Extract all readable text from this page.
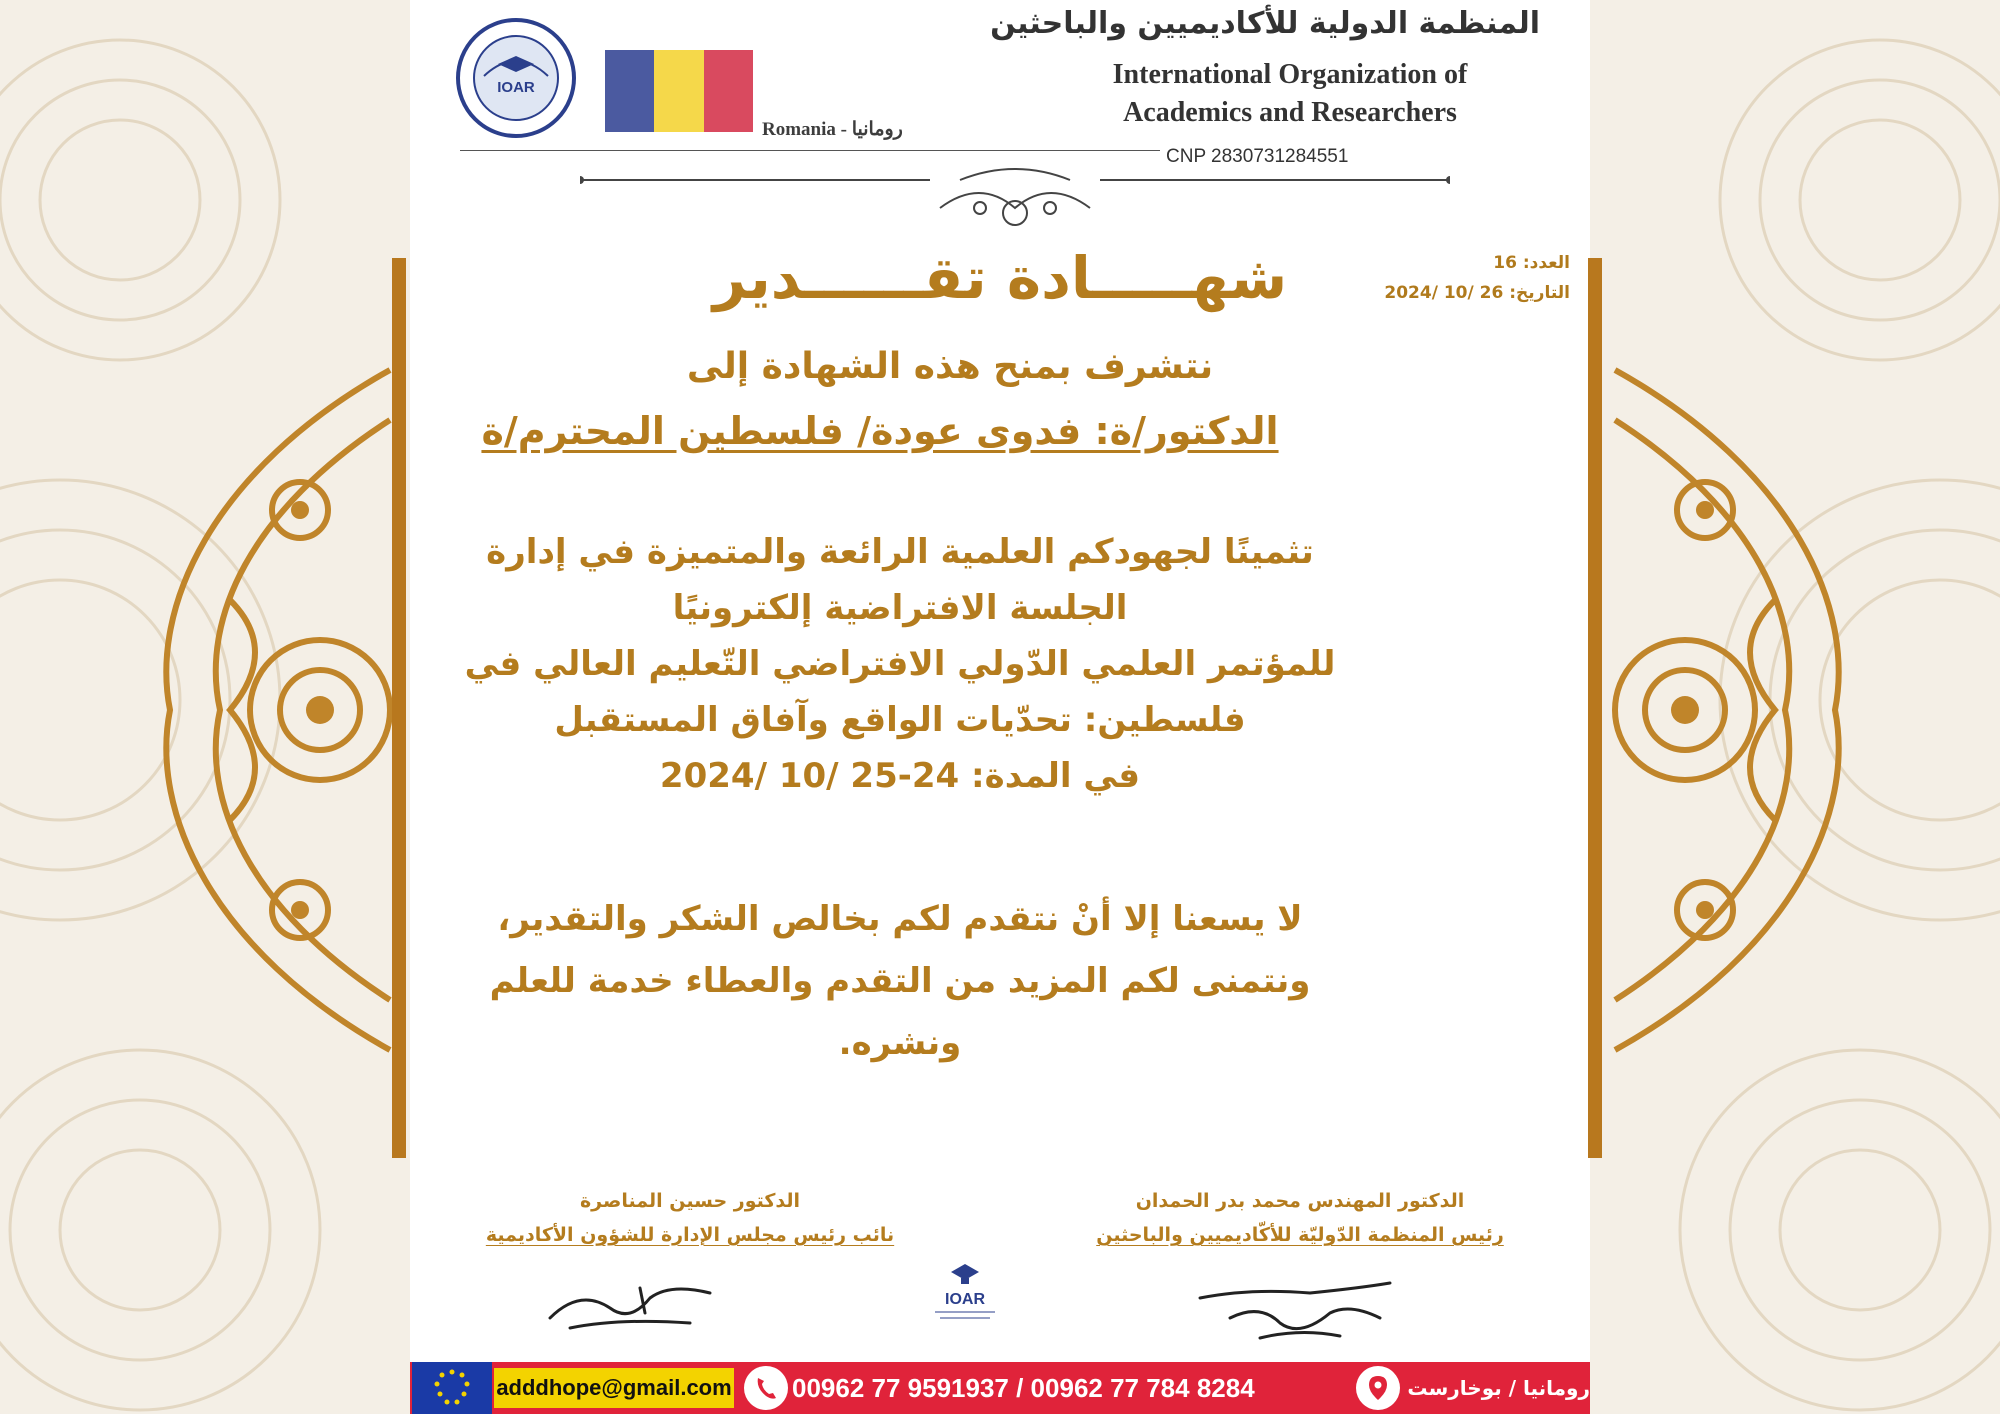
IOAR
Romania - رومانيا
المنظمة الدولية للأكاديميين والباحثين
International Organization of
Academics and Researchers
CNP 2830731284551
العدد: 16
التاريخ: 26 /10 /2024
شهـــــادة تقــــــدير
نتشرف بمنح هذه الشهادة إلى
الدكتور/ة: فدوى عودة/ فلسطين المحترم/ة
تثمينًا لجهودكم العلمية الرائعة والمتميزة في إدارة
الجلسة الافتراضية إلكترونيًا
للمؤتمر العلمي الدّولي الافتراضي التّعليم العالي في
فلسطين: تحدّيات الواقع وآفاق المستقبل
في المدة: 24-25 /10 /2024
لا يسعنا إلا أنْ نتقدم لكم بخالص الشكر والتقدير،
ونتمنى لكم المزيد من التقدم والعطاء خدمة للعلم
ونشره.
الدكتور المهندس محمد بدر الحمدان
رئيس المنظمة الدّوليّة للأكّاديميين والباحثين
الدكتور حسين المناصرة
نائب رئيس مجلس الإدارة للشؤون الأكاديمية
IOAR
adddhope@gmail.com 00962 77 9591937 / 00962 77 784 8284	رومانيا / بوخارست
